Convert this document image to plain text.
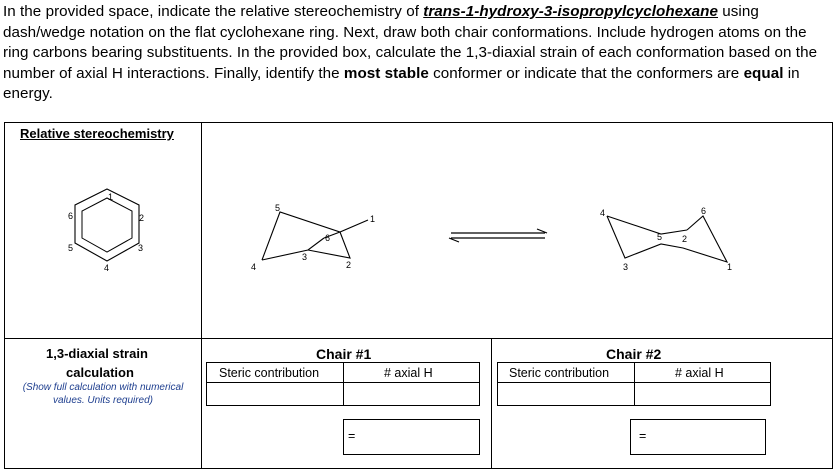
In the provided space, indicate the relative stereochemistry of trans-1-hydroxy-3-isopropylcyclohexane using dash/wedge notation on the flat cyclohexane ring. Next, draw both chair conformations. Include hydrogen atoms on the ring carbons bearing substituents. In the provided box, calculate the 1,3-diaxial strain of each conformation based on the number of axial H interactions. Finally, identify the most stable conformer or indicate that the conformers are equal in energy.
Relative stereochemistry
1
2
3
4
5
6
5
1
6
3
2
4
4	6
5 2
3	1
1,3-diaxial strain
calculation
(Show full calculation with numerical values. Units required)
Chair #1
Steric contribution	# axial H
=
Chair #2
Steric contribution	# axial H
=
